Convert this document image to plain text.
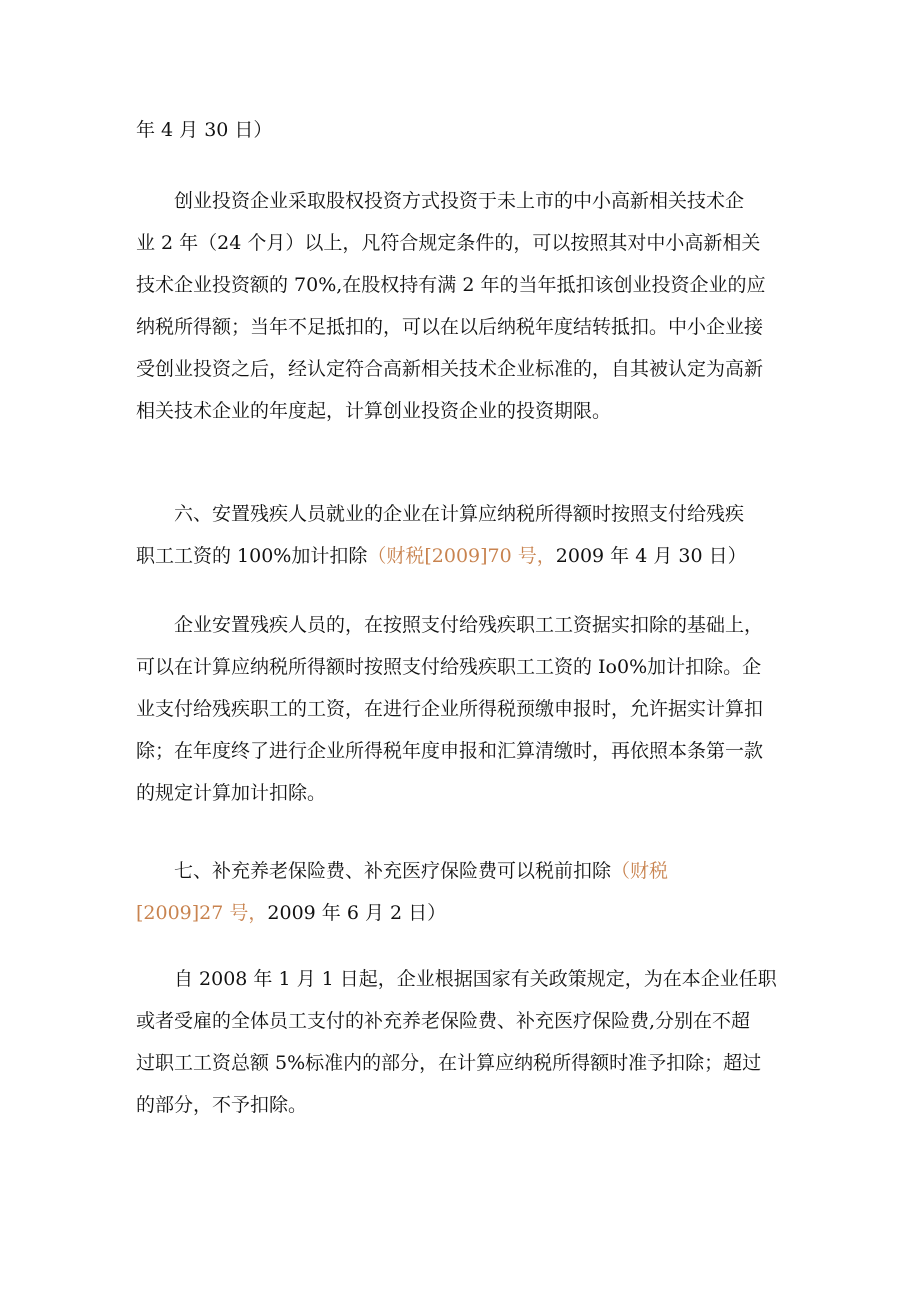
年 4 月 30 日）

　　创业投资企业采取股权投资方式投资于未上市的中小高新相关技术企
业 2 年（24 个月）以上，凡符合规定条件的，可以按照其对中小高新相关
技术企业投资额的 70%,在股权持有满 2 年的当年抵扣该创业投资企业的应
纳税所得额；当年不足抵扣的，可以在以后纳税年度结转抵扣。中小企业接
受创业投资之后，经认定符合高新相关技术企业标准的，自其被认定为高新
相关技术企业的年度起，计算创业投资企业的投资期限。

　　六、安置残疾人员就业的企业在计算应纳税所得额时按照支付给残疾
职工工资的 100%加计扣除（财税[2009]70 号，2009 年 4 月 30 日）

　　企业安置残疾人员的，在按照支付给残疾职工工资据实扣除的基础上，
可以在计算应纳税所得额时按照支付给残疾职工工资的 Io0%加计扣除。企
业支付给残疾职工的工资，在进行企业所得税预缴申报时，允许据实计算扣
除；在年度终了进行企业所得税年度申报和汇算清缴时，再依照本条第一款
的规定计算加计扣除。

　　七、补充养老保险费、补充医疗保险费可以税前扣除（财税
[2009]27 号，2009 年 6 月 2 日）

　　自 2008 年 1 月 1 日起，企业根据国家有关政策规定，为在本企业任职
或者受雇的全体员工支付的补充养老保险费、补充医疗保险费,分别在不超
过职工工资总额 5%标准内的部分，在计算应纳税所得额时准予扣除；超过
的部分，不予扣除。
